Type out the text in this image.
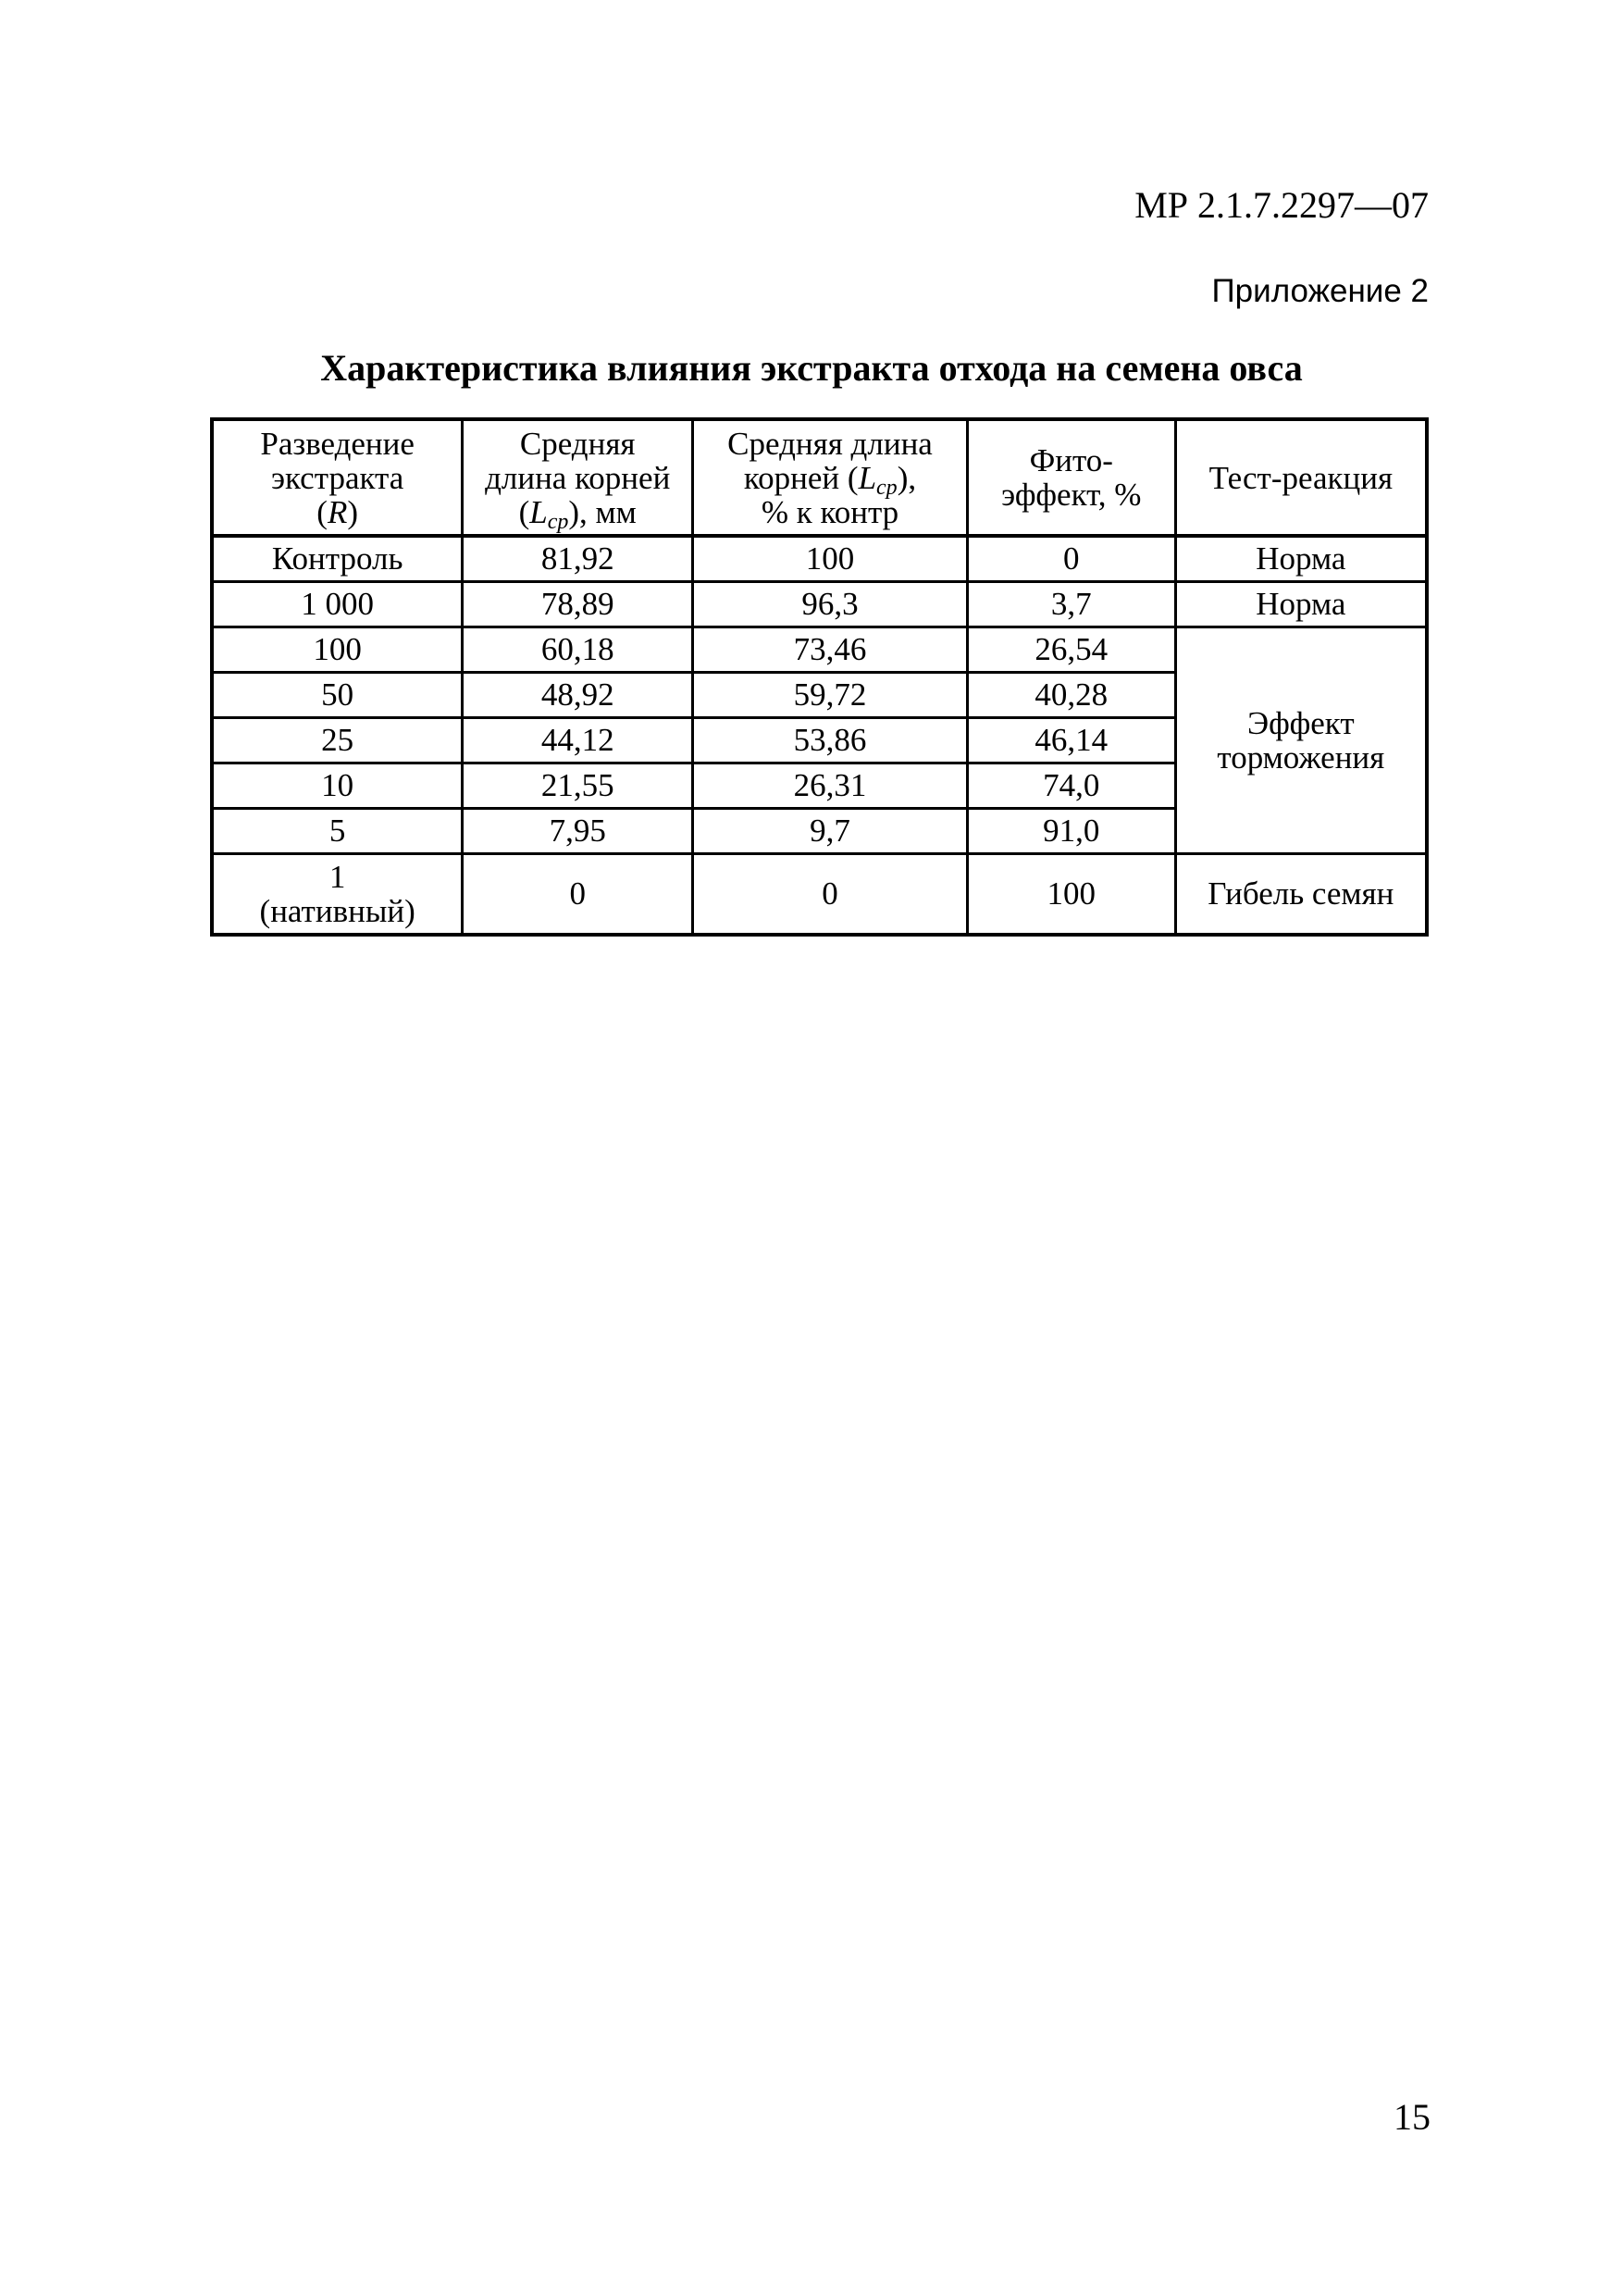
МР 2.1.7.2297—07
Приложение 2
Характеристика влияния экстракта отхода на семена овса
Разведение
экстракта
(R)	Средняя
длина корней
$(L_{ср})$, мм	Средняя длина
корней $(L_{ср})$,
% к контр	Фито-
эффект, %	Тест-реакция

Контроль	81,92	100	0	Норма
1 000	78,89	96,3	3,7	Норма
100	60,18	73,46	26,54	Эффект
торможения

50	48,92	59,72	40,28	
25	44,12	53,86	46,14	
10	21,55	26,31	74,0	
5	7,95	9,7	91,0	

1
(нативный)	0	0	100	Гибель семян
15
